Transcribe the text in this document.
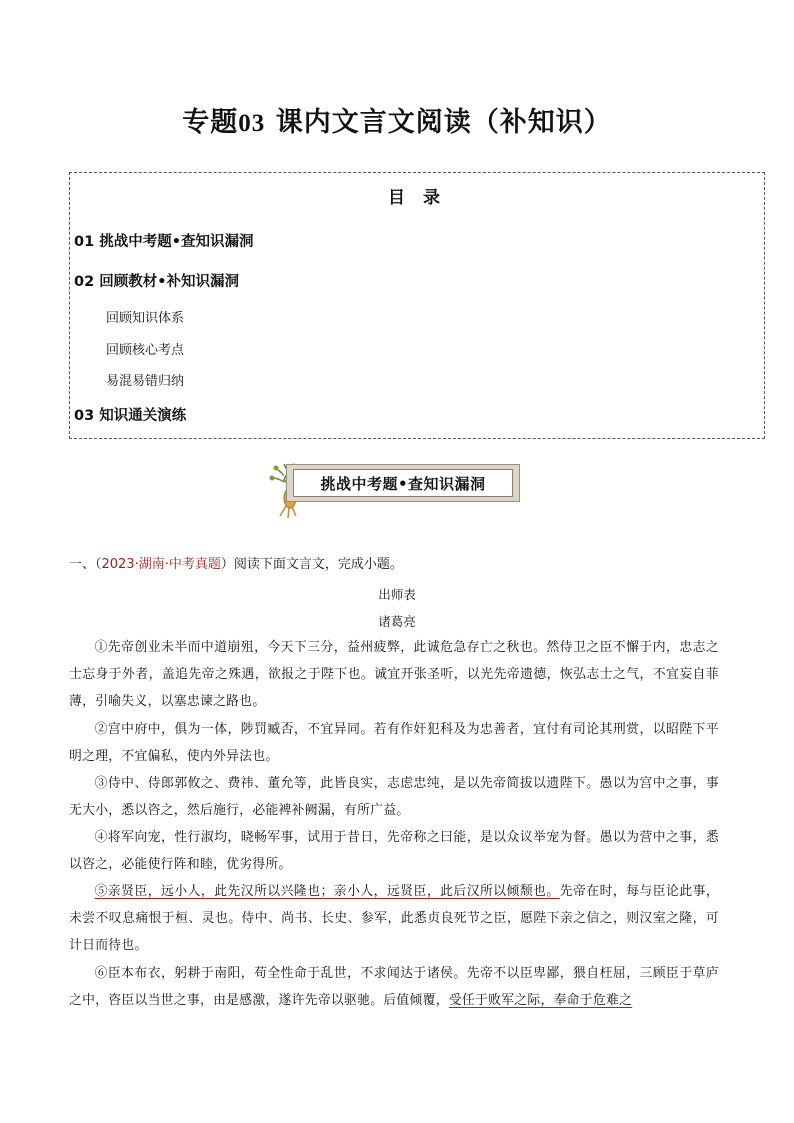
专题03 课内文言文阅读（补知识）
目 录
01 挑战中考题•查知识漏洞
02 回顾教材•补知识漏洞
回顾知识体系
回顾核心考点
易混易错归纳
03 知识通关演练
挑战中考题•查知识漏洞
一、（2023·湖南·中考真题）阅读下面文言文，完成小题。
出师表
诸葛亮
①先帝创业未半而中道崩殂，今天下三分，益州疲弊，此诚危急存亡之秋也。然侍卫之臣不懈于内，忠志之士忘身于外者，盖追先帝之殊遇，欲报之于陛下也。诚宜开张圣听，以光先帝遗德，恢弘志士之气，不宜妄自菲薄，引喻失义，以塞忠谏之路也。
②宫中府中，俱为一体，陟罚臧否，不宜异同。若有作奸犯科及为忠善者，宜付有司论其刑赏，以昭陛下平明之理，不宜偏私，使内外异法也。
③侍中、侍郎郭攸之、费祎、董允等，此皆良实，志虑忠纯，是以先帝简拔以遗陛下。愚以为宫中之事，事无大小，悉以咨之，然后施行，必能裨补阙漏，有所广益。
④将军向宠，性行淑均，晓畅军事，试用于昔日，先帝称之曰能，是以众议举宠为督。愚以为营中之事，悉以咨之，必能使行阵和睦，优劣得所。
⑤亲贤臣，远小人，此先汉所以兴隆也；亲小人，远贤臣，此后汉所以倾颓也。先帝在时，每与臣论此事，未尝不叹息痛恨于桓、灵也。侍中、尚书、长史、参军，此悉贞良死节之臣，愿陛下亲之信之，则汉室之隆，可计日而待也。
⑥臣本布衣，躬耕于南阳，苟全性命于乱世，不求闻达于诸侯。先帝不以臣卑鄙，猥自枉屈，三顾臣于草庐之中，咨臣以当世之事，由是感激，遂许先帝以驱驰。后值倾覆，受任于败军之际，奉命于危难之
